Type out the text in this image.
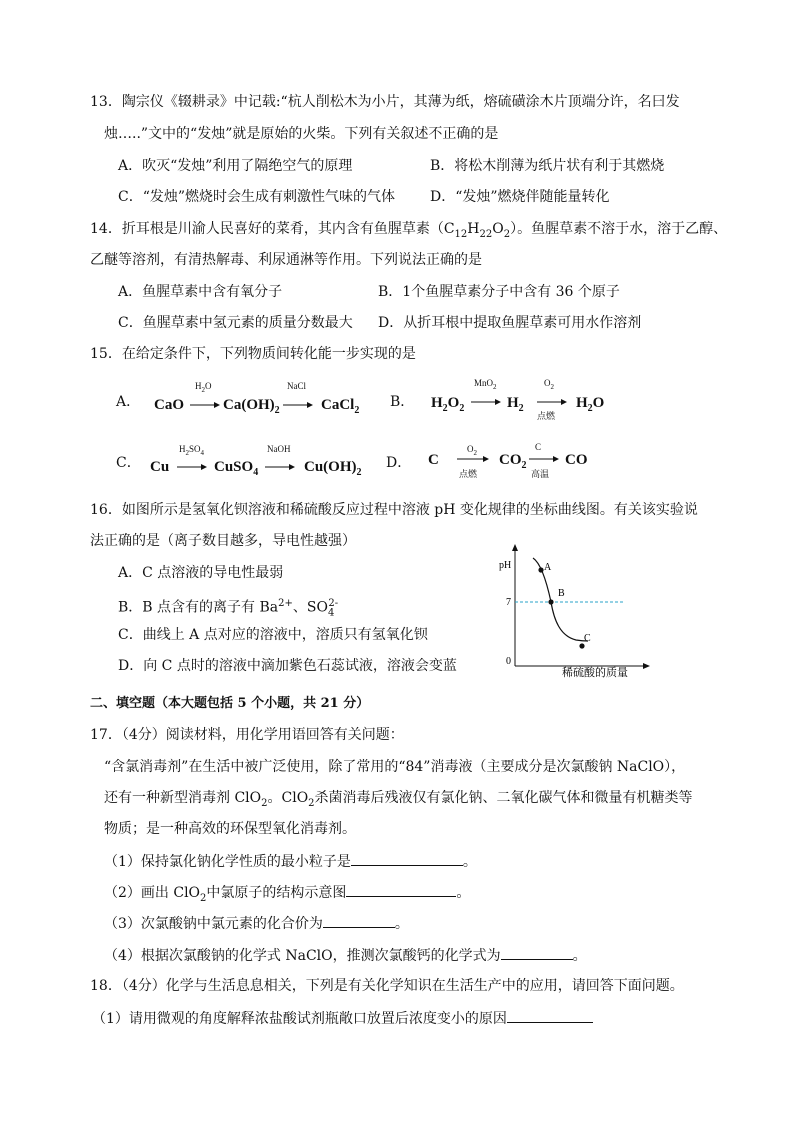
13．陶宗仪《辍耕录》中记载:“杭人削松木为小片，其薄为纸，熔硫磺涂木片顶端分许，名曰发
烛…..”文中的“发烛”就是原始的火柴。下列有关叙述不正确的是
A．吹灭“发烛”利用了隔绝空气的原理	B．将松木削薄为纸片状有利于其燃烧
C．“发烛”燃烧时会生成有刺激性气味的气体 D．“发烛”燃烧伴随能量转化
14．折耳根是川渝人民喜好的菜肴，其内含有鱼腥草素$(C_{12}H_{22}O_2)$。鱼腥草素不溶于水，溶于乙醇、
乙醚等溶剂，有清热解毒、利尿通淋等作用。下列说法正确的是
A．鱼腥草素中含有氧分子	B．1个鱼腥草素分子中含有 36 个原子
C．鱼腥草素中氢元素的质量分数最大 D．从折耳根中提取鱼腥草素可用水作溶剂
15．在给定条件下，下列物质间转化能一步实现的是
A． CaO
$H_2O$
$Ca(OH)_2$
NaCl
CaCl$_2$
B． $H_2O_2$
MnO$_2$
$H_2$
$O_2$
点燃
$H_2O$
C． Cu
$H_2SO_4$
CuSO$_4$
NaOH
$Cu(OH)_2$
D． C
$O_2$
点燃
$CO_2$
C
高温
CO
16．如图所示是氢氧化钡溶液和稀硫酸反应过程中溶液 pH 变化规律的坐标曲线图。有关该实验说
法正确的是（离子数目越多，导电性越强）
A．C 点溶液的导电性最弱
B．B 点含有的离子有 $Ba^{2+}$、$SO_4^{2-}$
C．曲线上 A 点对应的溶液中，溶质只有氢氧化钡
D．向 C 点时的溶液中滴加紫色石蕊试液，溶液会变蓝
pH
0
7
A
B
C
稀硫酸的质量
二、填空题（本大题包括 5 个小题，共 21 分）
17．（4分）阅读材料，用化学用语回答有关问题：
“含氯消毒剂”在生活中被广泛使用，除了常用的“84”消毒液（主要成分是次氯酸钠 NaClO），
还有一种新型消毒剂 ClO$_2$。ClO$_2$杀菌消毒后残液仅有氯化钠、二氧化碳气体和微量有机糖类等
物质；是一种高效的环保型氧化消毒剂。
（1）保持氯化钠化学性质的最小粒子是	。
（2）画出 ClO$_2$中氯原子的结构示意图	。
（3）次氯酸钠中氯元素的化合价为	。
（4）根据次氯酸钠的化学式 NaClO，推测次氯酸钙的化学式为	。
18．（4分）化学与生活息息相关，下列是有关化学知识在生活生产中的应用，请回答下面问题。
（1）请用微观的角度解释浓盐酸试剂瓶敞口放置后浓度变小的原因
